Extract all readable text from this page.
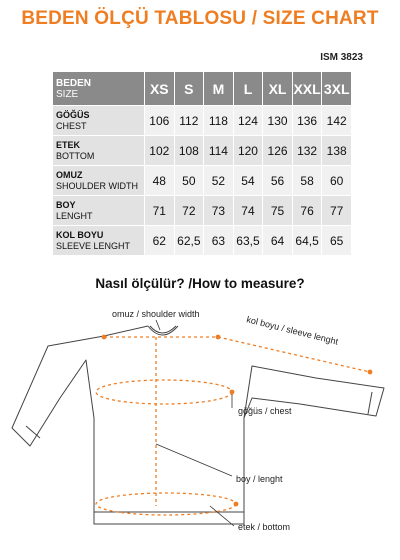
BEDEN ÖLÇÜ TABLOSU / SIZE CHART
ISM 3823
BEDEN
SIZE	XS	S	M	L	XL	XXL	3XL

GÖĞÜS
CHEST	106	112	118	124	130	136	142

ETEK
BOTTOM	102	108	114	120	126	132	138

OMUZ
SHOULDER WIDTH	48	50	52	54	56	58	60

BOY
LENGHT	71	72	73	74	75	76	77

KOL BOYU
SLEEVE LENGHT	62	62,5	63	63,5	64	64,5	65
Nasıl ölçülür? /How to measure?
omuz / shoulder width
kol boyu / sleeve lenght
göğüs / chest
boy / lenght
etek / bottom
